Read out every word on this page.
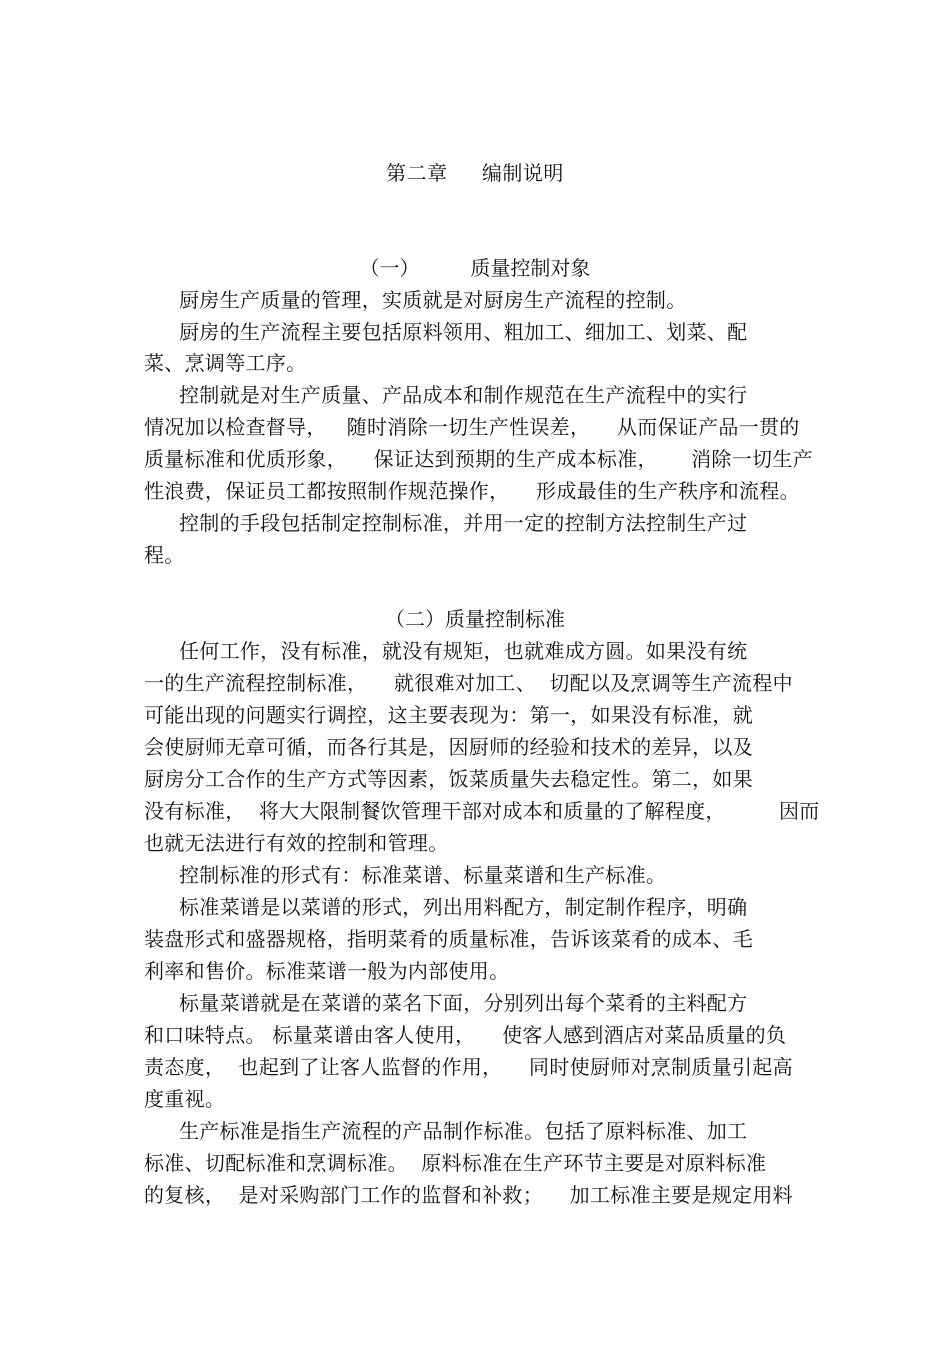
第二章     编制说明
（一）        质量控制对象
厨房生产质量的管理，实质就是对厨房生产流程的控制。
厨房的生产流程主要包括原料领用、粗加工、细加工、划菜、配
菜、烹调等工序。
控制就是对生产质量、产品成本和制作规范在生产流程中的实行
情况加以检查督导，   随时消除一切生产性误差，    从而保证产品一贯的
质量标准和优质形象，    保证达到预期的生产成本标准，     消除一切生产
性浪费，保证员工都按照制作规范操作，    形成最佳的生产秩序和流程。
控制的手段包括制定控制标准，并用一定的控制方法控制生产过
程。
（二）质量控制标准
任何工作，没有标准，就没有规矩，也就难成方圆。如果没有统
一的生产流程控制标准，    就很难对加工、  切配以及烹调等生产流程中
可能出现的问题实行调控，这主要表现为：第一，如果没有标准，就
会使厨师无章可循，而各行其是，因厨师的经验和技术的差异，以及
厨房分工合作的生产方式等因素，饭菜质量失去稳定性。第二，如果
没有标准，  将大大限制餐饮管理干部对成本和质量的了解程度，        因而
也就无法进行有效的控制和管理。
控制标准的形式有：标准菜谱、标量菜谱和生产标准。
标准菜谱是以菜谱的形式，列出用料配方，制定制作程序，明确
装盘形式和盛器规格，指明菜肴的质量标准，告诉该菜肴的成本、毛
利率和售价。标准菜谱一般为内部使用。
标量菜谱就是在菜谱的菜名下面，分别列出每个菜肴的主料配方
和口味特点。 标量菜谱由客人使用，    使客人感到酒店对菜品质量的负
责态度，  也起到了让客人监督的作用，    同时使厨师对烹制质量引起高
度重视。
生产标准是指生产流程的产品制作标准。包括了原料标准、加工
标准、切配标准和烹调标准。  原料标准在生产环节主要是对原料标准
的复核，  是对采购部门工作的监督和补救；    加工标准主要是规定用料
